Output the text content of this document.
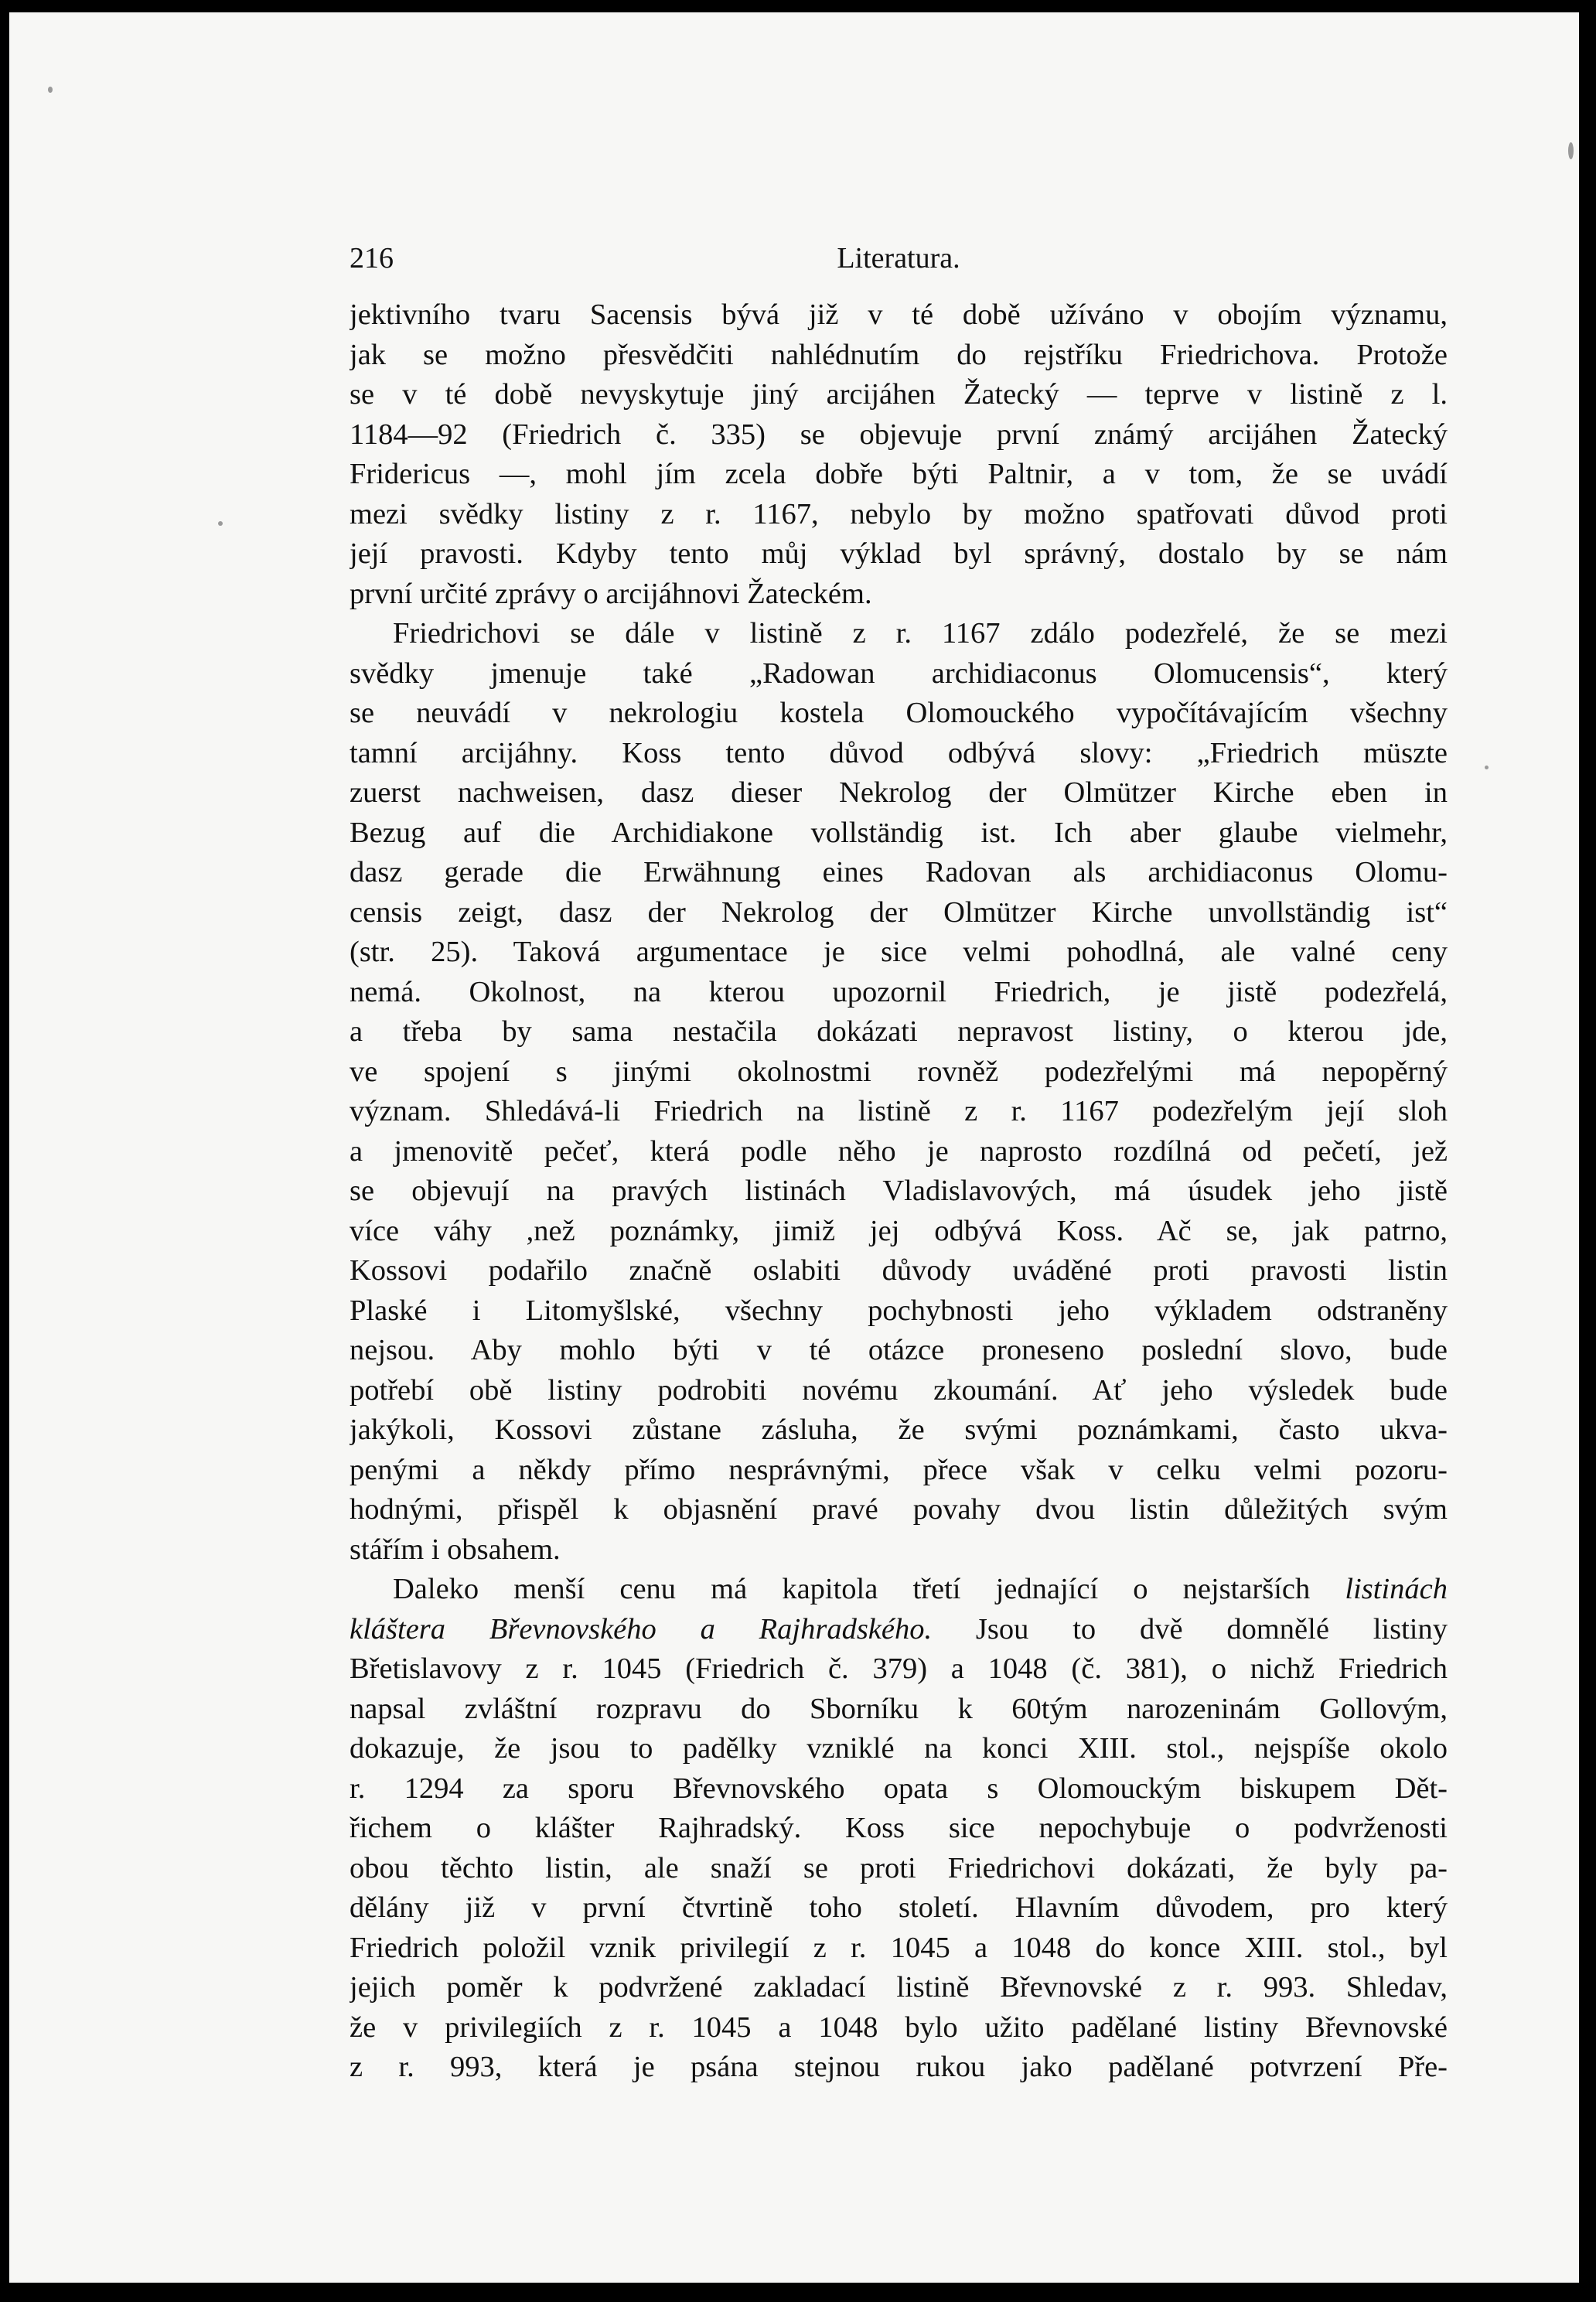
216	Literatura.
jektivního tvaru Sacensis bývá již v té době užíváno v obojím významu,
jak se možno přesvědčiti nahlédnutím do rejstříku Friedrichova. Protože
se v té době nevyskytuje jiný arcijáhen Žatecký — teprve v listině z l.
1184—92 (Friedrich č. 335) se objevuje první známý arcijáhen Žatecký
Fridericus —, mohl jím zcela dobře býti Paltnir, a v tom, že se uvádí
mezi svědky listiny z r. 1167, nebylo by možno spatřovati důvod proti
její pravosti. Kdyby tento můj výklad byl správný, dostalo by se nám
první určité zprávy o arcijáhnovi Žateckém.
Friedrichovi se dále v listině z r. 1167 zdálo podezřelé, že se mezi
svědky jmenuje také „Radowan archidiaconus Olomucensis“, který
se neuvádí v nekrologiu kostela Olomouckého vypočítávajícím všechny
tamní arcijáhny. Koss tento důvod odbývá slovy: „Friedrich müszte
zuerst nachweisen, dasz dieser Nekrolog der Olmützer Kirche eben in
Bezug auf die Archidiakone vollständig ist. Ich aber glaube vielmehr,
dasz gerade die Erwähnung eines Radovan als archidiaconus Olomu-
censis zeigt, dasz der Nekrolog der Olmützer Kirche unvollständig ist“
(str. 25). Taková argumentace je sice velmi pohodlná, ale valné ceny
nemá. Okolnost, na kterou upozornil Friedrich, je jistě podezřelá,
a třeba by sama nestačila dokázati nepravost listiny, o kterou jde,
ve spojení s jinými okolnostmi rovněž podezřelými má nepopěrný
význam. Shledává-li Friedrich na listině z r. 1167 podezřelým její sloh
a jmenovitě pečeť, která podle něho je naprosto rozdílná od pečetí, jež
se objevují na pravých listinách Vladislavových, má úsudek jeho jistě
více váhy ,než poznámky, jimiž jej odbývá Koss. Ač se, jak patrno,
Kossovi podařilo značně oslabiti důvody uváděné proti pravosti listin
Plaské i Litomyšlské, všechny pochybnosti jeho výkladem odstraněny
nejsou. Aby mohlo býti v té otázce proneseno poslední slovo, bude
potřebí obě listiny podrobiti novému zkoumání. Ať jeho výsledek bude
jakýkoli, Kossovi zůstane zásluha, že svými poznámkami, často ukva-
penými a někdy přímo nesprávnými, přece však v celku velmi pozoru-
hodnými, přispěl k objasnění pravé povahy dvou listin důležitých svým
stářím i obsahem.
Daleko menší cenu má kapitola třetí jednající o nejstarších listinách
kláštera Břevnovského a Rajhradského. Jsou to dvě domnělé listiny
Břetislavovy z r. 1045 (Friedrich č. 379) a 1048 (č. 381), o nichž Friedrich
napsal zvláštní rozpravu do Sborníku k 60tým narozeninám Gollovým,
dokazuje, že jsou to padělky vzniklé na konci XIII. stol., nejspíše okolo
r. 1294 za sporu Břevnovského opata s Olomouckým biskupem Dět-
řichem o klášter Rajhradský. Koss sice nepochybuje o podvrženosti
obou těchto listin, ale snaží se proti Friedrichovi dokázati, že byly pa-
dělány již v první čtvrtině toho století. Hlavním důvodem, pro který
Friedrich položil vznik privilegií z r. 1045 a 1048 do konce XIII. stol., byl
jejich poměr k podvržené zakladací listině Břevnovské z r. 993. Shledav,
že v privilegiích z r. 1045 a 1048 bylo užito padělané listiny Břevnovské
z r. 993, která je psána stejnou rukou jako padělané potvrzení Pře-
